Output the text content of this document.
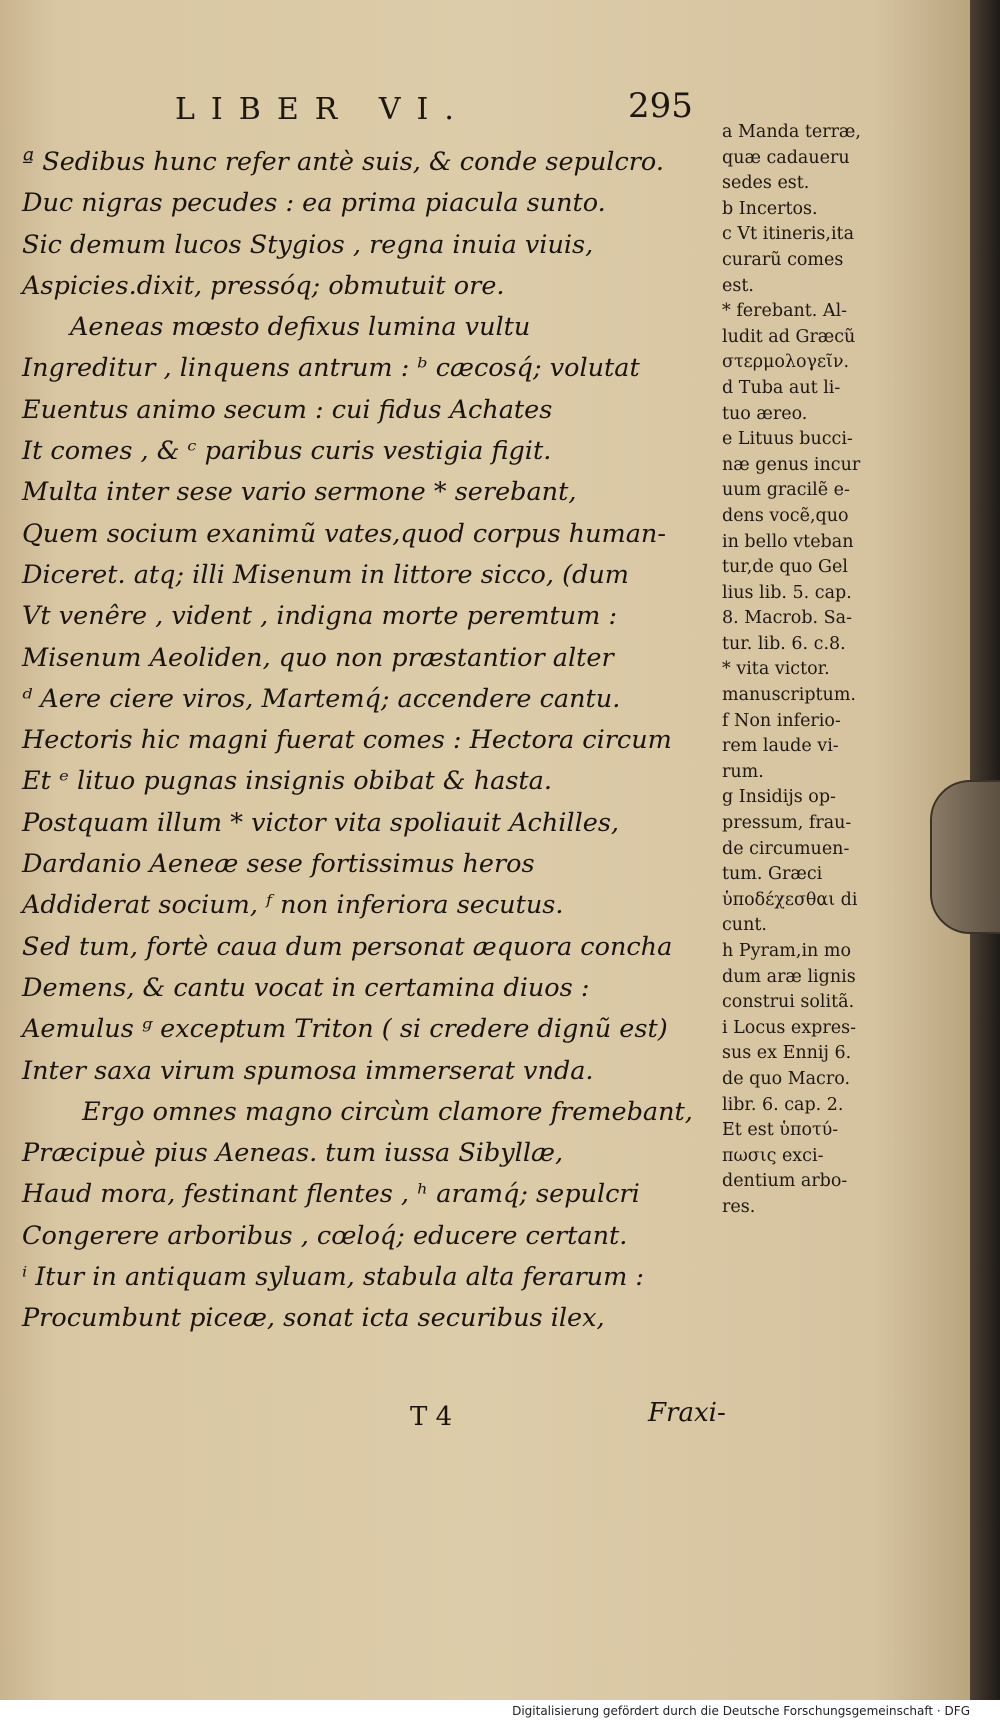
LIBER VI.	295
ª Sedibus hunc refer antè suis, & conde sepulcro.
Duc nigras pecudes : ea prima piacula sunto.
Sic demum lucos Stygios , regna inuia viuis,
Aspicies.dixit, pressóq; obmutuit ore.
Aeneas mœsto defixus lumina vultu
Ingreditur , linquens antrum : ᵇ cæcosq́; volutat
Euentus animo secum : cui fidus Achates
It comes , & ᶜ paribus curis vestigia figit.
Multa inter sese vario sermone * serebant,
Quem socium exanimũ vates,quod corpus human-
Diceret. atq; illi Misenum in littore sicco, (dum
Vt venêre , vident , indigna morte peremtum :
Misenum Aeoliden, quo non præstantior alter
ᵈ Aere ciere viros, Martemq́; accendere cantu.
Hectoris hic magni fuerat comes : Hectora circum
Et ᵉ lituo pugnas insignis obibat & hasta.
Postquam illum * victor vita spoliauit Achilles,
Dardanio Aeneæ sese fortissimus heros
Addiderat socium, ᶠ non inferiora secutus.
Sed tum, fortè caua dum personat æquora concha
Demens, & cantu vocat in certamina diuos :
Aemulus ᵍ exceptum Triton ( si credere dignũ est)
Inter saxa virum spumosa immerserat vnda.
Ergo omnes magno circùm clamore fremebant,
Præcipuè pius Aeneas. tum iussa Sibyllæ,
Haud mora, festinant flentes , ʰ aramq́; sepulcri
Congerere arboribus , cœloq́; educere certant.
ⁱ Itur in antiquam syluam, stabula alta ferarum :
Procumbunt piceæ, sonat icta securibus ilex,
a Manda terræ,
quæ cadaueru
sedes est.
b Incertos.
c Vt itineris,ita
curarũ comes
est.
* ferebant. Al-
ludit ad Græcũ
στερμολογεῖν.
d Tuba aut li-
tuo æreo.
e Lituus bucci-
næ genus incur
uum gracilẽ e-
dens vocẽ,quo
in bello vteban
tur,de quo Gel
lius lib. 5. cap.
8. Macrob. Sa-
tur. lib. 6. c.8.
* vita victor.
manuscriptum.
f Non inferio-
rem laude vi-
rum.
g Insidijs op-
pressum, frau-
de circumuen-
tum. Græci
ὑποδέχεσθαι di
cunt.
h Pyram,in mo
dum aræ lignis
construi solitã.
i Locus expres-
sus ex Ennij 6.
de quo Macro.
libr. 6. cap. 2.
Et est ὑποτύ-
πωσις exci-
dentium arbo-
res.
T 4	Fraxi-
Digitalisierung gefördert durch die Deutsche Forschungsgemeinschaft · DFG
